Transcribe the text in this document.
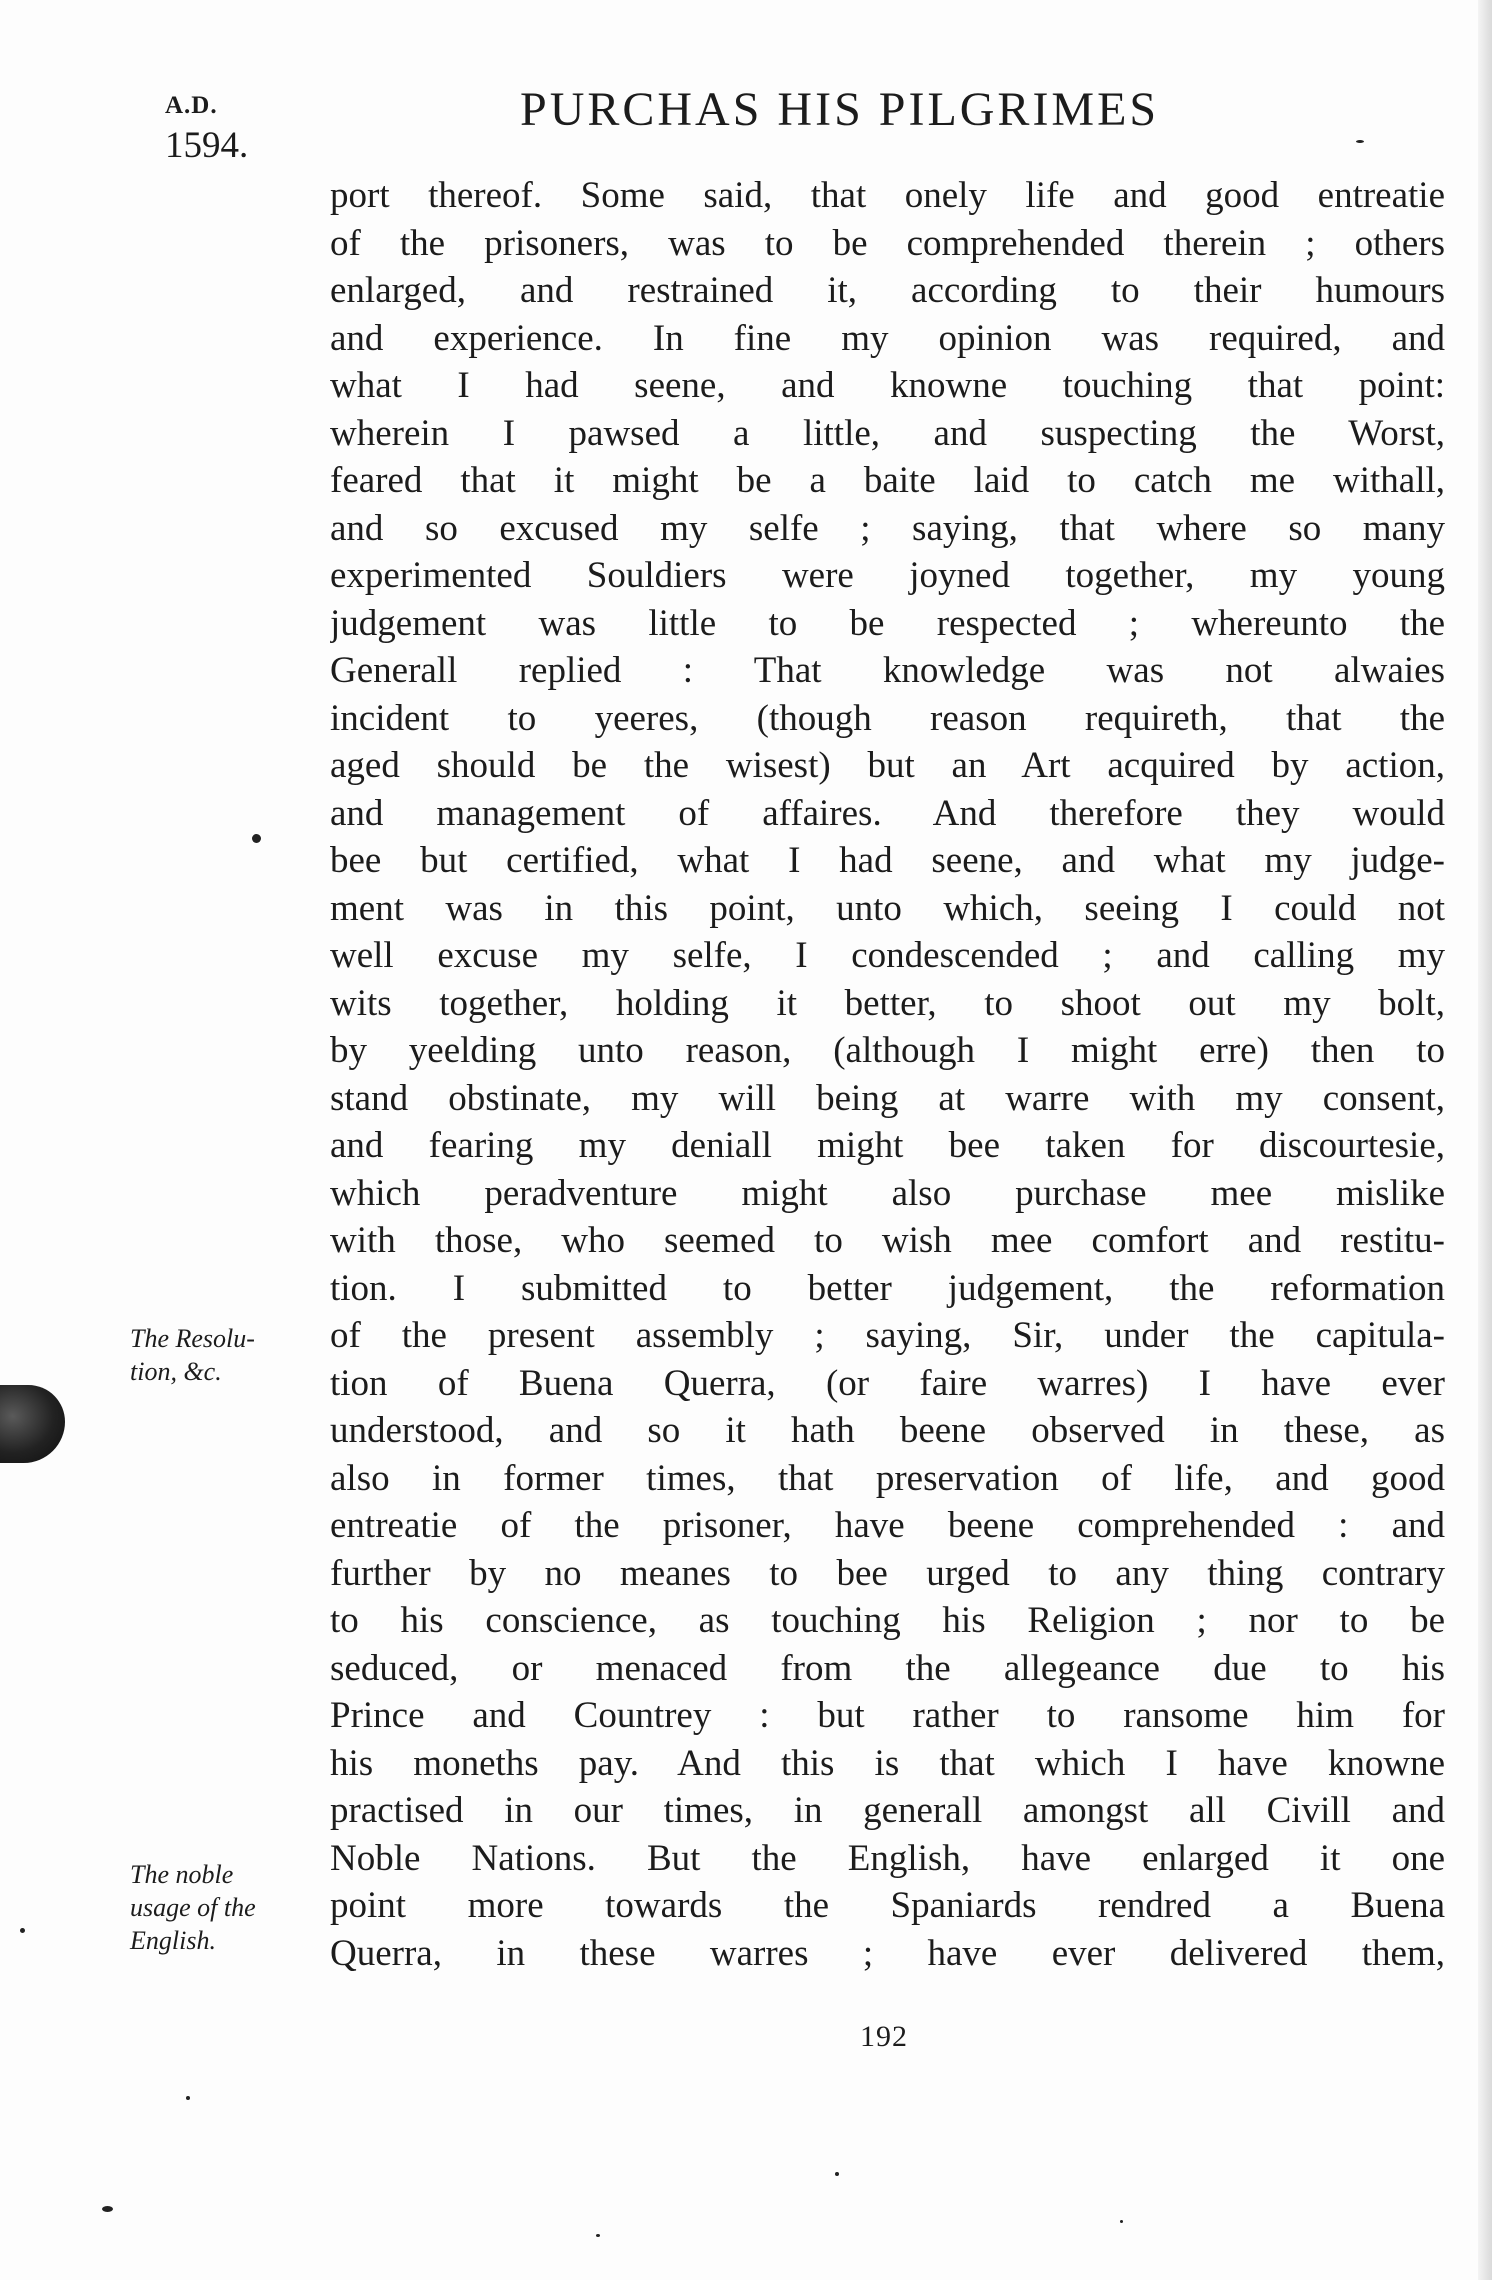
A.D.
1594.
PURCHAS HIS PILGRIMES
port thereof. Some said, that onely life and good entreatie
of the prisoners, was to be comprehended therein ; others
enlarged, and restrained it, according to their humours
and experience. In fine my opinion was required, and
what I had seene, and knowne touching that point:
wherein I pawsed a little, and suspecting the Worst,
feared that it might be a baite laid to catch me withall,
and so excused my selfe ; saying, that where so many
experimented Souldiers were joyned together, my young
judgement was little to be respected ; whereunto the
Generall replied : That knowledge was not alwaies
incident to yeeres, (though reason requireth, that the
aged should be the wisest) but an Art acquired by action,
and management of affaires. And therefore they would
bee but certified, what I had seene, and what my judge-
ment was in this point, unto which, seeing I could not
well excuse my selfe, I condescended ; and calling my
wits together, holding it better, to shoot out my bolt,
by yeelding unto reason, (although I might erre) then to
stand obstinate, my will being at warre with my consent,
and fearing my deniall might bee taken for discourtesie,
which peradventure might also purchase mee mislike
with those, who seemed to wish mee comfort and restitu-
tion. I submitted to better judgement, the reformation
of the present assembly ; saying, Sir, under the capitula-
tion of Buena Querra, (or faire warres) I have ever
understood, and so it hath beene observed in these, as
also in former times, that preservation of life, and good
entreatie of the prisoner, have beene comprehended : and
further by no meanes to bee urged to any thing contrary
to his conscience, as touching his Religion ; nor to be
seduced, or menaced from the allegeance due to his
Prince and Countrey : but rather to ransome him for
his moneths pay. And this is that which I have knowne
practised in our times, in generall amongst all Civill and
Noble Nations. But the English, have enlarged it one
point more towards the Spaniards rendred a Buena
Querra, in these warres ; have ever delivered them,
The Resolu-
tion, &c.
The noble
usage of the
English.
192
